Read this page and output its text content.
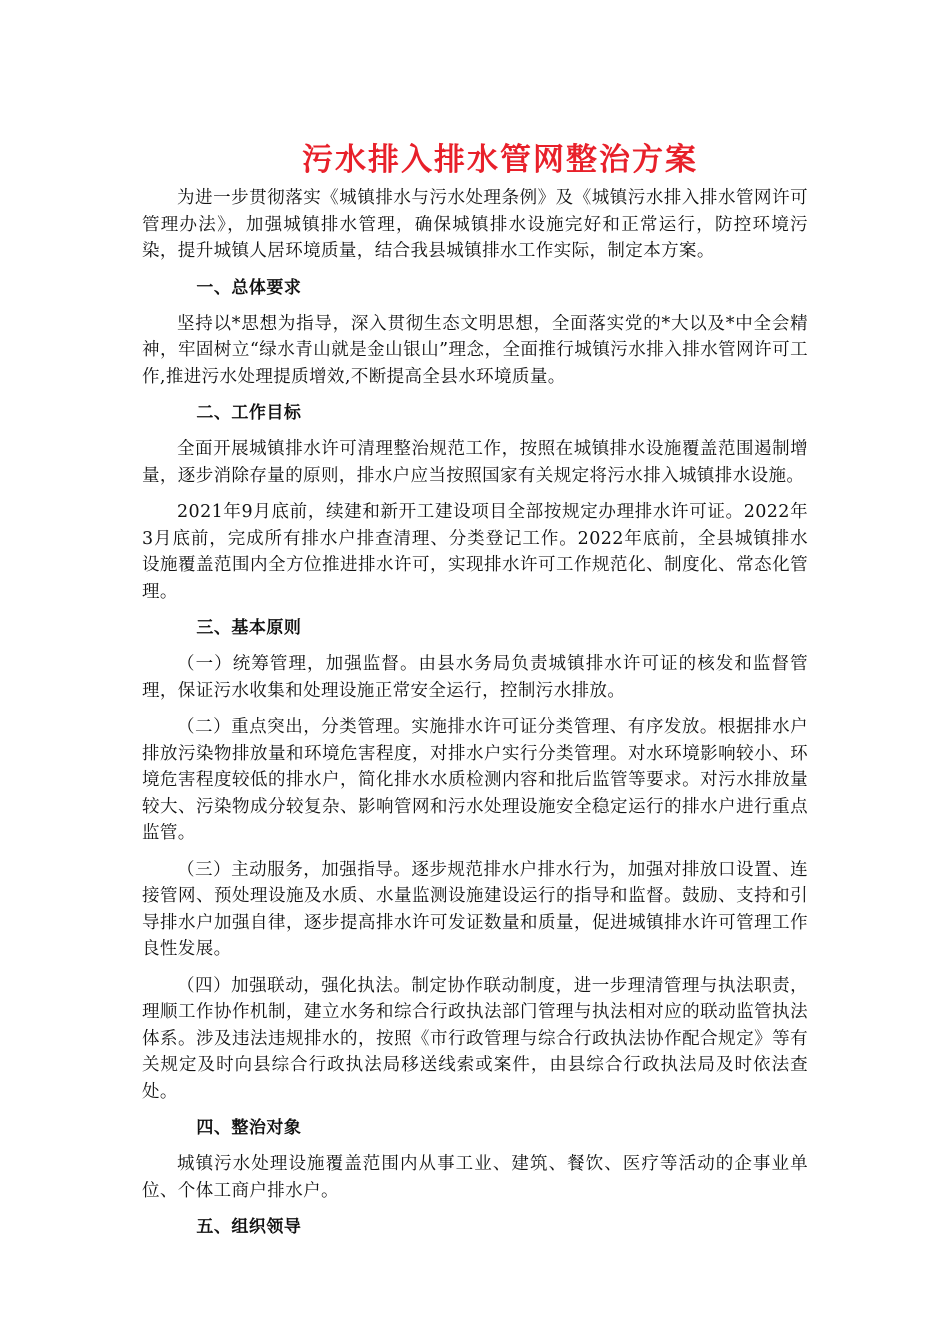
污水排入排水管网整治方案

为进一步贯彻落实《城镇排水与污水处理条例》及《城镇污水排入排水管网许可管理办法》，加强城镇排水管理，确保城镇排水设施完好和正常运行，防控环境污染，提升城镇人居环境质量，结合我县城镇排水工作实际，制定本方案。

一、总体要求

坚持以*思想为指导，深入贯彻生态文明思想，全面落实党的*大以及*中全会精神，牢固树立“绿水青山就是金山银山”理念，全面推行城镇污水排入排水管网许可工作,推进污水处理提质增效,不断提高全县水环境质量。

二、工作目标

全面开展城镇排水许可清理整治规范工作，按照在城镇排水设施覆盖范围遏制增量，逐步消除存量的原则，排水户应当按照国家有关规定将污水排入城镇排水设施。

2021年9月底前，续建和新开工建设项目全部按规定办理排水许可证。2022年3月底前，完成所有排水户排查清理、分类登记工作。2022年底前，全县城镇排水设施覆盖范围内全方位推进排水许可，实现排水许可工作规范化、制度化、常态化管理。

三、基本原则

（一）统筹管理，加强监督。由县水务局负责城镇排水许可证的核发和监督管理，保证污水收集和处理设施正常安全运行，控制污水排放。

（二）重点突出，分类管理。实施排水许可证分类管理、有序发放。根据排水户排放污染物排放量和环境危害程度，对排水户实行分类管理。对水环境影响较小、环境危害程度较低的排水户，简化排水水质检测内容和批后监管等要求。对污水排放量较大、污染物成分较复杂、影响管网和污水处理设施安全稳定运行的排水户进行重点监管。

（三）主动服务，加强指导。逐步规范排水户排水行为，加强对排放口设置、连接管网、预处理设施及水质、水量监测设施建设运行的指导和监督。鼓励、支持和引导排水户加强自律，逐步提高排水许可发证数量和质量，促进城镇排水许可管理工作良性发展。

（四）加强联动，强化执法。制定协作联动制度，进一步理清管理与执法职责，理顺工作协作机制，建立水务和综合行政执法部门管理与执法相对应的联动监管执法体系。涉及违法违规排水的，按照《市行政管理与综合行政执法协作配合规定》等有关规定及时向县综合行政执法局移送线索或案件，由县综合行政执法局及时依法查处。

四、整治对象

城镇污水处理设施覆盖范围内从事工业、建筑、餐饮、医疗等活动的企事业单位、个体工商户排水户。

五、组织领导
